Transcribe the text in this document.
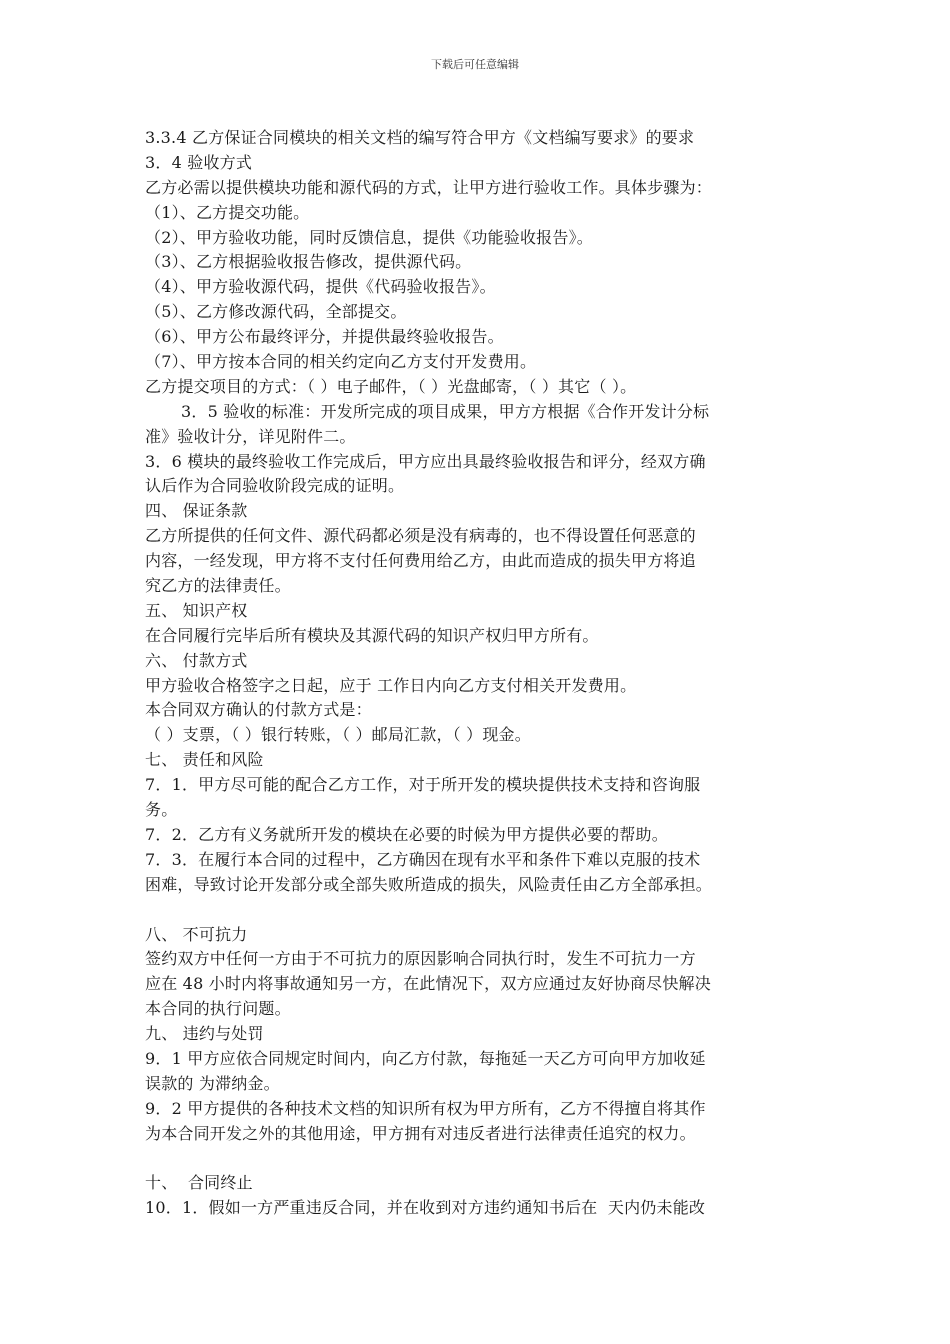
下载后可任意编辑
3.3.4 乙方保证合同模块的相关文档的编写符合甲方《文档编写要求》的要求
3．4 验收方式
乙方必需以提供模块功能和源代码的方式，让甲方进行验收工作。具体步骤为：
（1）、乙方提交功能。
（2）、甲方验收功能，同时反馈信息，提供《功能验收报告》。
（3）、乙方根据验收报告修改，提供源代码。
（4）、甲方验收源代码，提供《代码验收报告》。
（5）、乙方修改源代码，全部提交。
（6）、甲方公布最终评分，并提供最终验收报告。
（7）、甲方按本合同的相关约定向乙方支付开发费用。
乙方提交项目的方式：（ ）电子邮件，（ ）光盘邮寄，（ ）其它（ ）。
3．5 验收的标准：开发所完成的项目成果，甲方方根据《合作开发计分标
准》验收计分，详见附件二。
3．6 模块的最终验收工作完成后，甲方应出具最终验收报告和评分，经双方确
认后作为合同验收阶段完成的证明。
四、 保证条款
乙方所提供的任何文件、源代码都必须是没有病毒的，也不得设置任何恶意的
内容，一经发现，甲方将不支付任何费用给乙方，由此而造成的损失甲方将追
究乙方的法律责任。
五、 知识产权
在合同履行完毕后所有模块及其源代码的知识产权归甲方所有。
六、 付款方式
甲方验收合格签字之日起，应于 工作日内向乙方支付相关开发费用。
本合同双方确认的付款方式是：
（ ）支票，（ ）银行转账，（ ）邮局汇款，（ ）现金。
七、 责任和风险
7．1．甲方尽可能的配合乙方工作，对于所开发的模块提供技术支持和咨询服
务。
7．2．乙方有义务就所开发的模块在必要的时候为甲方提供必要的帮助。
7．3．在履行本合同的过程中，乙方确因在现有水平和条件下难以克服的技术
困难，导致讨论开发部分或全部失败所造成的损失，风险责任由乙方全部承担。
八、 不可抗力
签约双方中任何一方由于不可抗力的原因影响合同执行时，发生不可抗力一方
应在 48 小时内将事故通知另一方，在此情况下，双方应通过友好协商尽快解决
本合同的执行问题。
九、 违约与处罚
9．1 甲方应依合同规定时间内，向乙方付款，每拖延一天乙方可向甲方加收延
误款的 为滞纳金。
9．2 甲方提供的各种技术文档的知识所有权为甲方所有，乙方不得擅自将其作
为本合同开发之外的其他用途，甲方拥有对违反者进行法律责任追究的权力。
十、  合同终止
10．1．假如一方严重违反合同，并在收到对方违约通知书后在  天内仍未能改
